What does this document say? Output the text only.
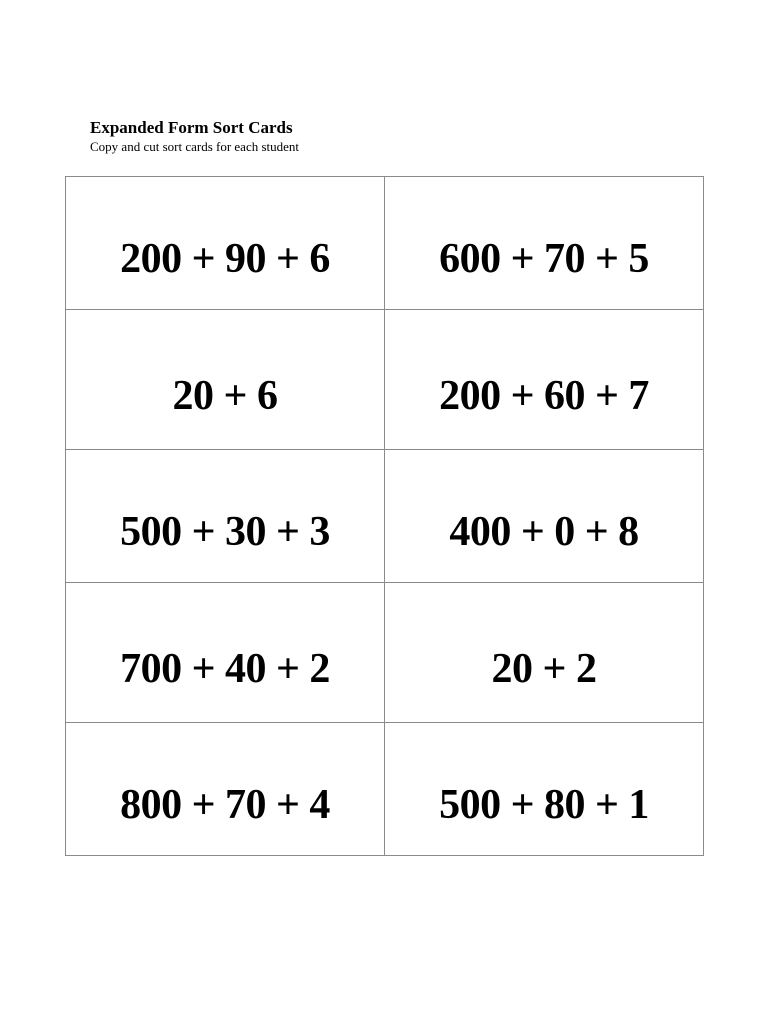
Expanded Form Sort Cards

Copy and cut sort cards for each student

200 + 90 + 6	600 + 70 + 5

20 + 6	200 + 60 + 7

500 + 30 + 3	400 + 0 + 8

700 + 40 + 2	20 + 2

800 + 70 + 4	500 + 80 + 1
